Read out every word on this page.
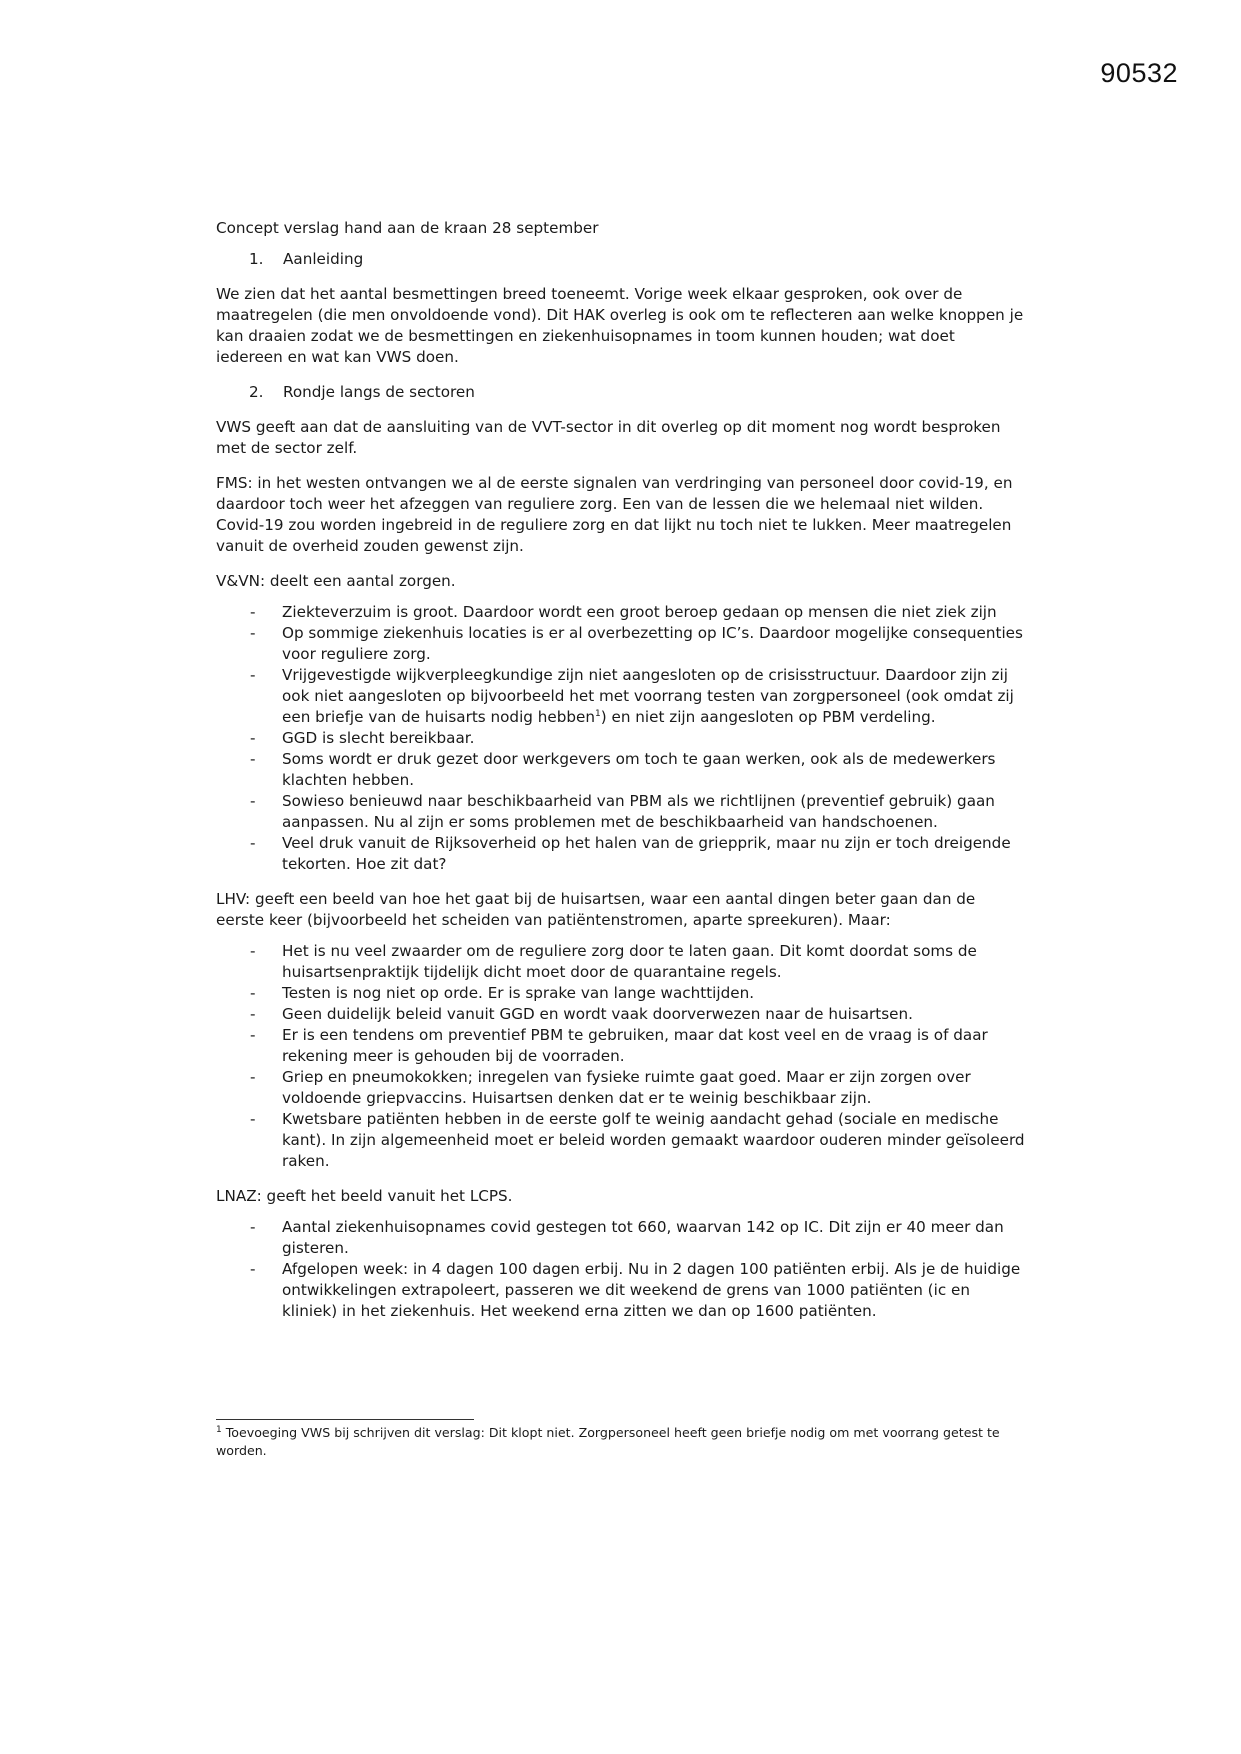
90532

Concept verslag hand aan de kraan 28 september

1.	Aanleiding

We zien dat het aantal besmettingen breed toeneemt. Vorige week elkaar gesproken, ook over de maatregelen (die men onvoldoende vond). Dit HAK overleg is ook om te reflecteren aan welke knoppen je kan draaien zodat we de besmettingen en ziekenhuisopnames in toom kunnen houden; wat doet iedereen en wat kan VWS doen.

2.	Rondje langs de sectoren

VWS geeft aan dat de aansluiting van de VVT-sector in dit overleg op dit moment nog wordt besproken met de sector zelf.

FMS: in het westen ontvangen we al de eerste signalen van verdringing van personeel door covid-19, en daardoor toch weer het afzeggen van reguliere zorg. Een van de lessen die we helemaal niet wilden. Covid-19 zou worden ingebreid in de reguliere zorg en dat lijkt nu toch niet te lukken. Meer maatregelen vanuit de overheid zouden gewenst zijn.

V&VN: deelt een aantal zorgen.

-	Ziekteverzuim is groot. Daardoor wordt een groot beroep gedaan op mensen die niet ziek zijn
-	Op sommige ziekenhuis locaties is er al overbezetting op IC’s. Daardoor mogelijke consequenties voor reguliere zorg.
-	Vrijgevestigde wijkverpleegkundige zijn niet aangesloten op de crisisstructuur. Daardoor zijn zij ook niet aangesloten op bijvoorbeeld het met voorrang testen van zorgpersoneel (ook omdat zij een briefje van de huisarts nodig hebben$^1$) en niet zijn aangesloten op PBM verdeling.
-	GGD is slecht bereikbaar.
-	Soms wordt er druk gezet door werkgevers om toch te gaan werken, ook als de medewerkers klachten hebben.
-	Sowieso benieuwd naar beschikbaarheid van PBM als we richtlijnen (preventief gebruik) gaan aanpassen. Nu al zijn er soms problemen met de beschikbaarheid van handschoenen.
-	Veel druk vanuit de Rijksoverheid op het halen van de griepprik, maar nu zijn er toch dreigende tekorten. Hoe zit dat?

LHV: geeft een beeld van hoe het gaat bij de huisartsen, waar een aantal dingen beter gaan dan de eerste keer (bijvoorbeeld het scheiden van patiëntenstromen, aparte spreekuren). Maar:

-	Het is nu veel zwaarder om de reguliere zorg door te laten gaan. Dit komt doordat soms de huisartsenpraktijk tijdelijk dicht moet door de quarantaine regels.
-	Testen is nog niet op orde. Er is sprake van lange wachttijden.
-	Geen duidelijk beleid vanuit GGD en wordt vaak doorverwezen naar de huisartsen.
-	Er is een tendens om preventief PBM te gebruiken, maar dat kost veel en de vraag is of daar rekening meer is gehouden bij de voorraden.
-	Griep en pneumokokken; inregelen van fysieke ruimte gaat goed. Maar er zijn zorgen over voldoende griepvaccins. Huisartsen denken dat er te weinig beschikbaar zijn.
-	Kwetsbare patiënten hebben in de eerste golf te weinig aandacht gehad (sociale en medische kant). In zijn algemeenheid moet er beleid worden gemaakt waardoor ouderen minder geïsoleerd raken.

LNAZ: geeft het beeld vanuit het LCPS.

-	Aantal ziekenhuisopnames covid gestegen tot 660, waarvan 142 op IC. Dit zijn er 40 meer dan gisteren.
-	Afgelopen week: in 4 dagen 100 dagen erbij. Nu in 2 dagen 100 patiënten erbij. Als je de huidige ontwikkelingen extrapoleert, passeren we dit weekend de grens van 1000 patiënten (ic en kliniek) in het ziekenhuis. Het weekend erna zitten we dan op 1600 patiënten.
$^1$ Toevoeging VWS bij schrijven dit verslag: Dit klopt niet. Zorgpersoneel heeft geen briefje nodig om met voorrang getest te worden.
